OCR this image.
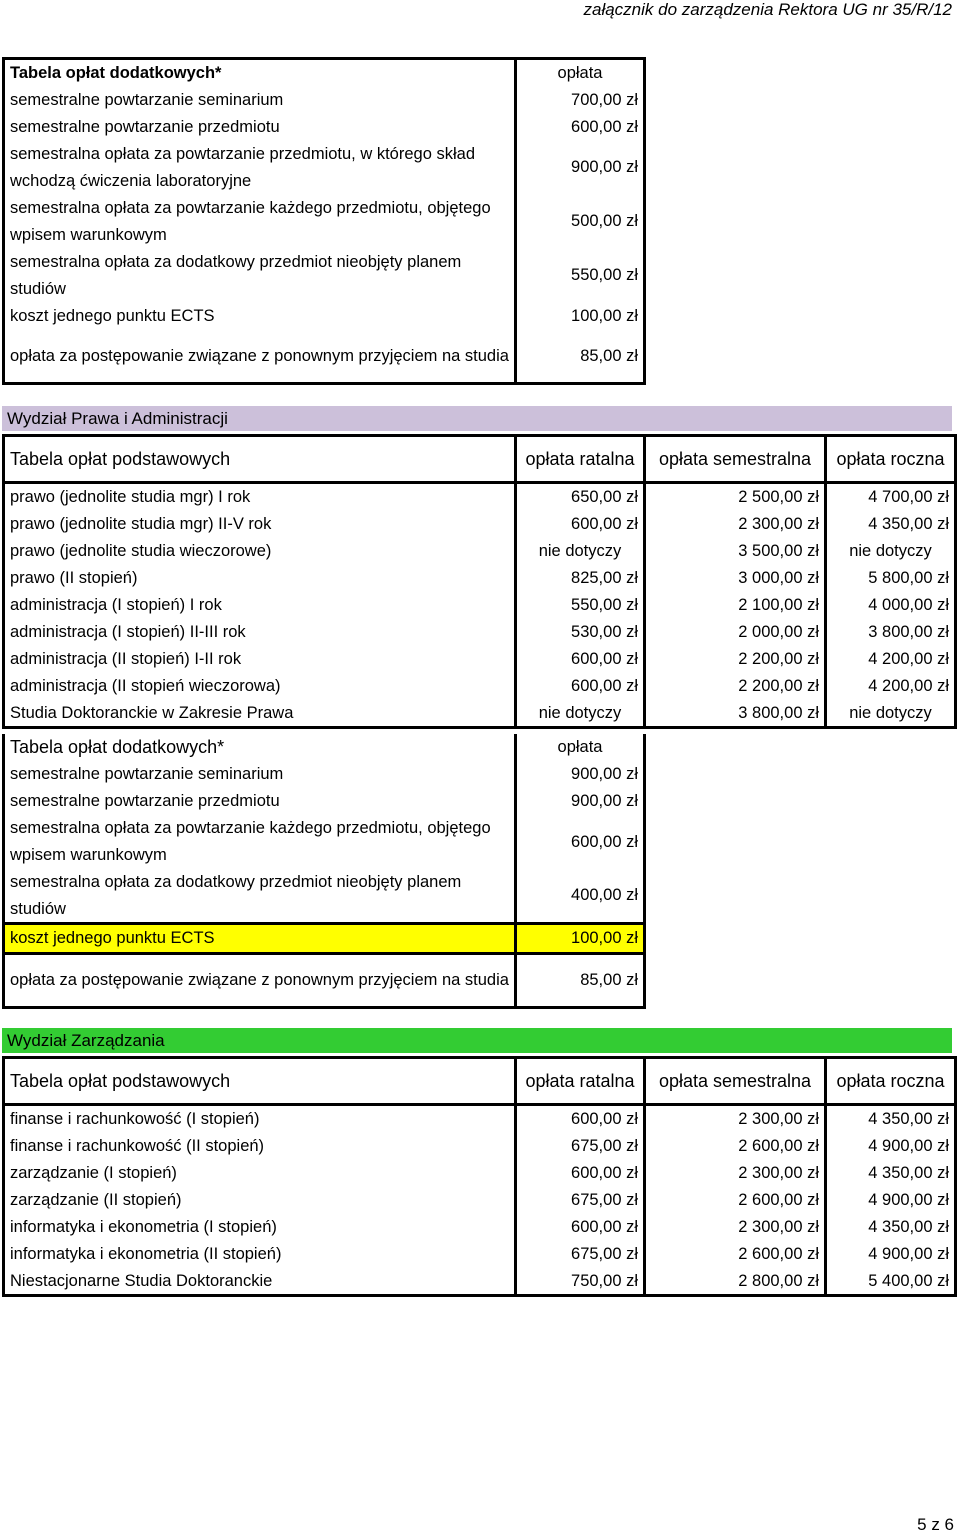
załącznik do zarządzenia Rektora UG nr 35/R/12
Tabela opłat dodatkowych*	opłata
semestralne powtarzanie seminarium	700,00 zł
semestralne powtarzanie przedmiotu	600,00 zł
semestralna opłata za powtarzanie przedmiotu, w którego skład wchodzą ćwiczenia laboratoryjne	900,00 zł
semestralna opłata za powtarzanie każdego przedmiotu, objętego wpisem warunkowym	500,00 zł
semestralna opłata za dodatkowy przedmiot nieobjęty planem studiów	550,00 zł
koszt jednego punktu ECTS	100,00 zł
opłata za postępowanie związane z ponownym przyjęciem na studia	85,00 zł
Wydział Prawa i Administracji
Tabela opłat podstawowych	opłata ratalna	opłata semestralna	opłata roczna
prawo (jednolite studia mgr) I rok	650,00 zł	2 500,00 zł	4 700,00 zł
prawo (jednolite studia mgr) II-V rok	600,00 zł	2 300,00 zł	4 350,00 zł
prawo (jednolite studia wieczorowe)	nie dotyczy	3 500,00 zł	nie dotyczy
prawo (II stopień)	825,00 zł	3 000,00 zł	5 800,00 zł
administracja (I stopień) I rok	550,00 zł	2 100,00 zł	4 000,00 zł
administracja (I stopień) II-III rok	530,00 zł	2 000,00 zł	3 800,00 zł
administracja (II stopień) I-II rok	600,00 zł	2 200,00 zł	4 200,00 zł
administracja (II stopień wieczorowa)	600,00 zł	2 200,00 zł	4 200,00 zł
Studia Doktoranckie w Zakresie Prawa	nie dotyczy	3 800,00 zł	nie dotyczy
Tabela opłat dodatkowych*	opłata
semestralne powtarzanie seminarium	900,00 zł
semestralne powtarzanie przedmiotu	900,00 zł
semestralna opłata za powtarzanie każdego przedmiotu, objętego wpisem warunkowym	600,00 zł
semestralna opłata za dodatkowy przedmiot nieobjęty planem studiów	400,00 zł
koszt jednego punktu ECTS	100,00 zł
opłata za postępowanie związane z ponownym przyjęciem na studia	85,00 zł
Wydział Zarządzania
Tabela opłat podstawowych	opłata ratalna	opłata semestralna	opłata roczna
finanse i rachunkowość (I stopień)	600,00 zł	2 300,00 zł	4 350,00 zł
finanse i rachunkowość (II stopień)	675,00 zł	2 600,00 zł	4 900,00 zł
zarządzanie (I stopień)	600,00 zł	2 300,00 zł	4 350,00 zł
zarządzanie (II stopień)	675,00 zł	2 600,00 zł	4 900,00 zł
informatyka i ekonometria (I stopień)	600,00 zł	2 300,00 zł	4 350,00 zł
informatyka i ekonometria (II stopień)	675,00 zł	2 600,00 zł	4 900,00 zł
Niestacjonarne Studia Doktoranckie	750,00 zł	2 800,00 zł	5 400,00 zł
5 z 6
